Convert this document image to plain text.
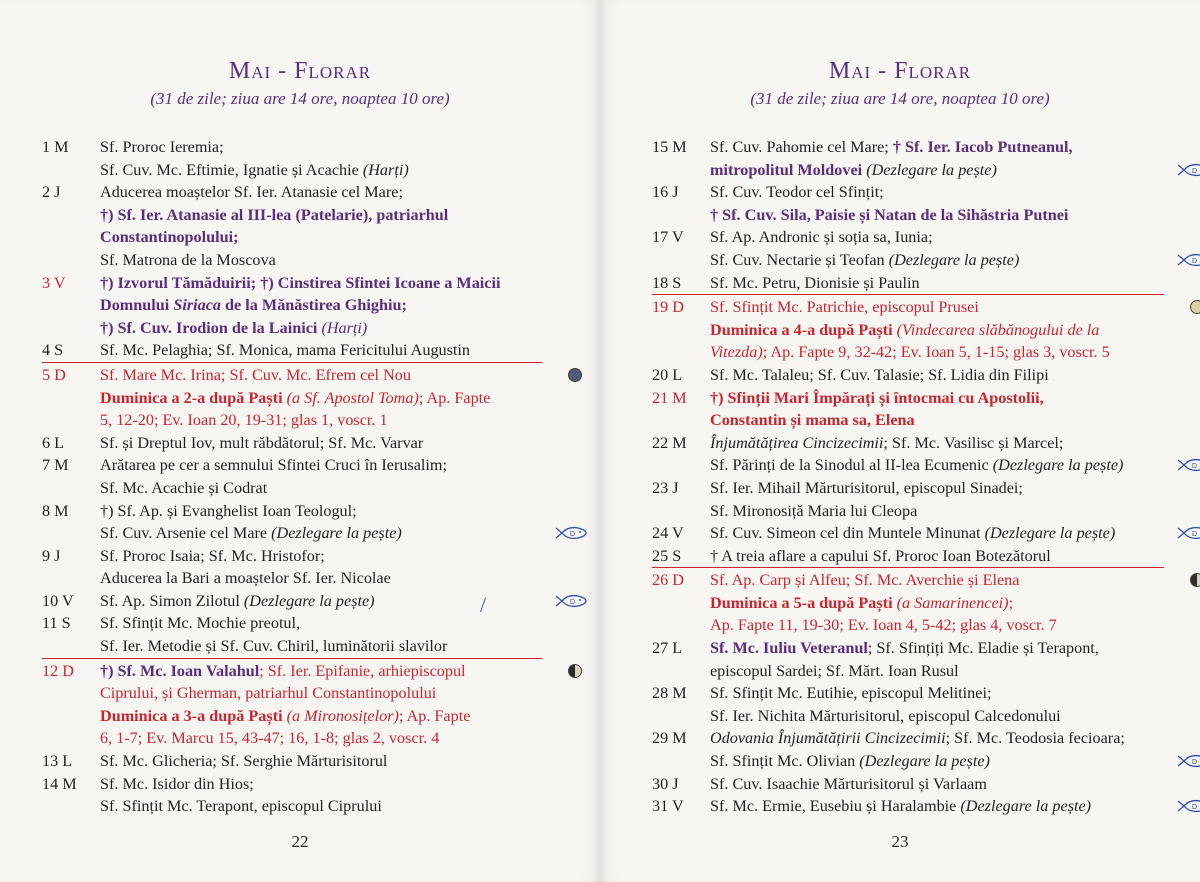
Mai - Florar
(31 de zile; ziua are 14 ore, noaptea 10 ore)
1 M	Sf. Proroc Ieremia;
Sf. Cuv. Mc. Eftimie, Ignatie și Acachie (Harți)
2 J	Aducerea moaștelor Sf. Ier. Atanasie cel Mare;
†) Sf. Ier. Atanasie al III-lea (Patelarie), patriarhul
Constantinopolului;
Sf. Matrona de la Moscova
3 V	†) Izvorul Tămăduirii; †) Cinstirea Sfintei Icoane a Maicii
Domnului Siriaca de la Mănăstirea Ghighiu;
†) Sf. Cuv. Irodion de la Lainici (Harți)
4 S	Sf. Mc. Pelaghia; Sf. Monica, mama Fericitului Augustin
5 D	Sf. Mare Mc. Irina; Sf. Cuv. Mc. Efrem cel Nou
Duminica a 2-a după Paști (a Sf. Apostol Toma); Ap. Fapte
5, 12-20; Ev. Ioan 20, 19-31; glas 1, voscr. 1
6 L	Sf. și Dreptul Iov, mult răbdătorul; Sf. Mc. Varvar
7 M	Arătarea pe cer a semnului Sfintei Cruci în Ierusalim;
Sf. Mc. Acachie și Codrat
8 M	†) Sf. Ap. și Evanghelist Ioan Teologul;
Sf. Cuv. Arsenie cel Mare (Dezlegare la pește)	D
9 J	Sf. Proroc Isaia; Sf. Mc. Hristofor;
Aducerea la Bari a moaștelor Sf. Ier. Nicolae
10 V	Sf. Ap. Simon Zilotul (Dezlegare la pește)	D
11 S	Sf. Sfințit Mc. Mochie preotul,
Sf. Ier. Metodie și Sf. Cuv. Chiril, luminătorii slavilor
12 D	†) Sf. Mc. Ioan Valahul; Sf. Ier. Epifanie, arhiepiscopul
Ciprului, și Gherman, patriarhul Constantinopolului
Duminica a 3-a după Paști (a Mironosițelor); Ap. Fapte
6, 1-7; Ev. Marcu 15, 43-47; 16, 1-8; glas 2, voscr. 4
13 L	Sf. Mc. Glicheria; Sf. Serghie Mărturisitorul
14 M	Sf. Mc. Isidor din Hios;
Sf. Sfințit Mc. Terapont, episcopul Ciprului
22
/
Mai - Florar
(31 de zile; ziua are 14 ore, noaptea 10 ore)
15 M	Sf. Cuv. Pahomie cel Mare; † Sf. Ier. Iacob Putneanul,
mitropolitul Moldovei (Dezlegare la pește)	D
16 J	Sf. Cuv. Teodor cel Sfințit;
† Sf. Cuv. Sila, Paisie și Natan de la Sihăstria Putnei
17 V	Sf. Ap. Andronic și soția sa, Iunia;
Sf. Cuv. Nectarie și Teofan (Dezlegare la pește)	D
18 S	Sf. Mc. Petru, Dionisie și Paulin
19 D	Sf. Sfințit Mc. Patrichie, episcopul Prusei
Duminica a 4-a după Paști (Vindecarea slăbănogului de la
Vitezda); Ap. Fapte 9, 32-42; Ev. Ioan 5, 1-15; glas 3, voscr. 5
20 L	Sf. Mc. Talaleu; Sf. Cuv. Talasie; Sf. Lidia din Filipi
21 M	†) Sfinții Mari Împărați și întocmai cu Apostolii,
Constantin și mama sa, Elena
22 M	Înjumătățirea Cincizecimii; Sf. Mc. Vasilisc și Marcel;
Sf. Părinți de la Sinodul al II-lea Ecumenic (Dezlegare la pește)	D
23 J	Sf. Ier. Mihail Mărturisitorul, episcopul Sinadei;
Sf. Mironosiță Maria lui Cleopa
24 V	Sf. Cuv. Simeon cel din Muntele Minunat (Dezlegare la pește)	D
25 S	† A treia aflare a capului Sf. Proroc Ioan Botezătorul
26 D	Sf. Ap. Carp și Alfeu; Sf. Mc. Averchie și Elena
Duminica a 5-a după Paști (a Samarinencei);
Ap. Fapte 11, 19-30; Ev. Ioan 4, 5-42; glas 4, voscr. 7
27 L	Sf. Mc. Iuliu Veteranul; Sf. Sfințiți Mc. Eladie și Terapont,
episcopul Sardei; Sf. Mărt. Ioan Rusul
28 M	Sf. Sfințit Mc. Eutihie, episcopul Melitinei;
Sf. Ier. Nichita Mărturisitorul, episcopul Calcedonului
29 M	Odovania Înjumătățirii Cincizecimii; Sf. Mc. Teodosia fecioara;
Sf. Sfințit Mc. Olivian (Dezlegare la pește)	D
30 J	Sf. Cuv. Isaachie Mărturisitorul și Varlaam
31 V	Sf. Mc. Ermie, Eusebiu și Haralambie (Dezlegare la pește)	D
23
